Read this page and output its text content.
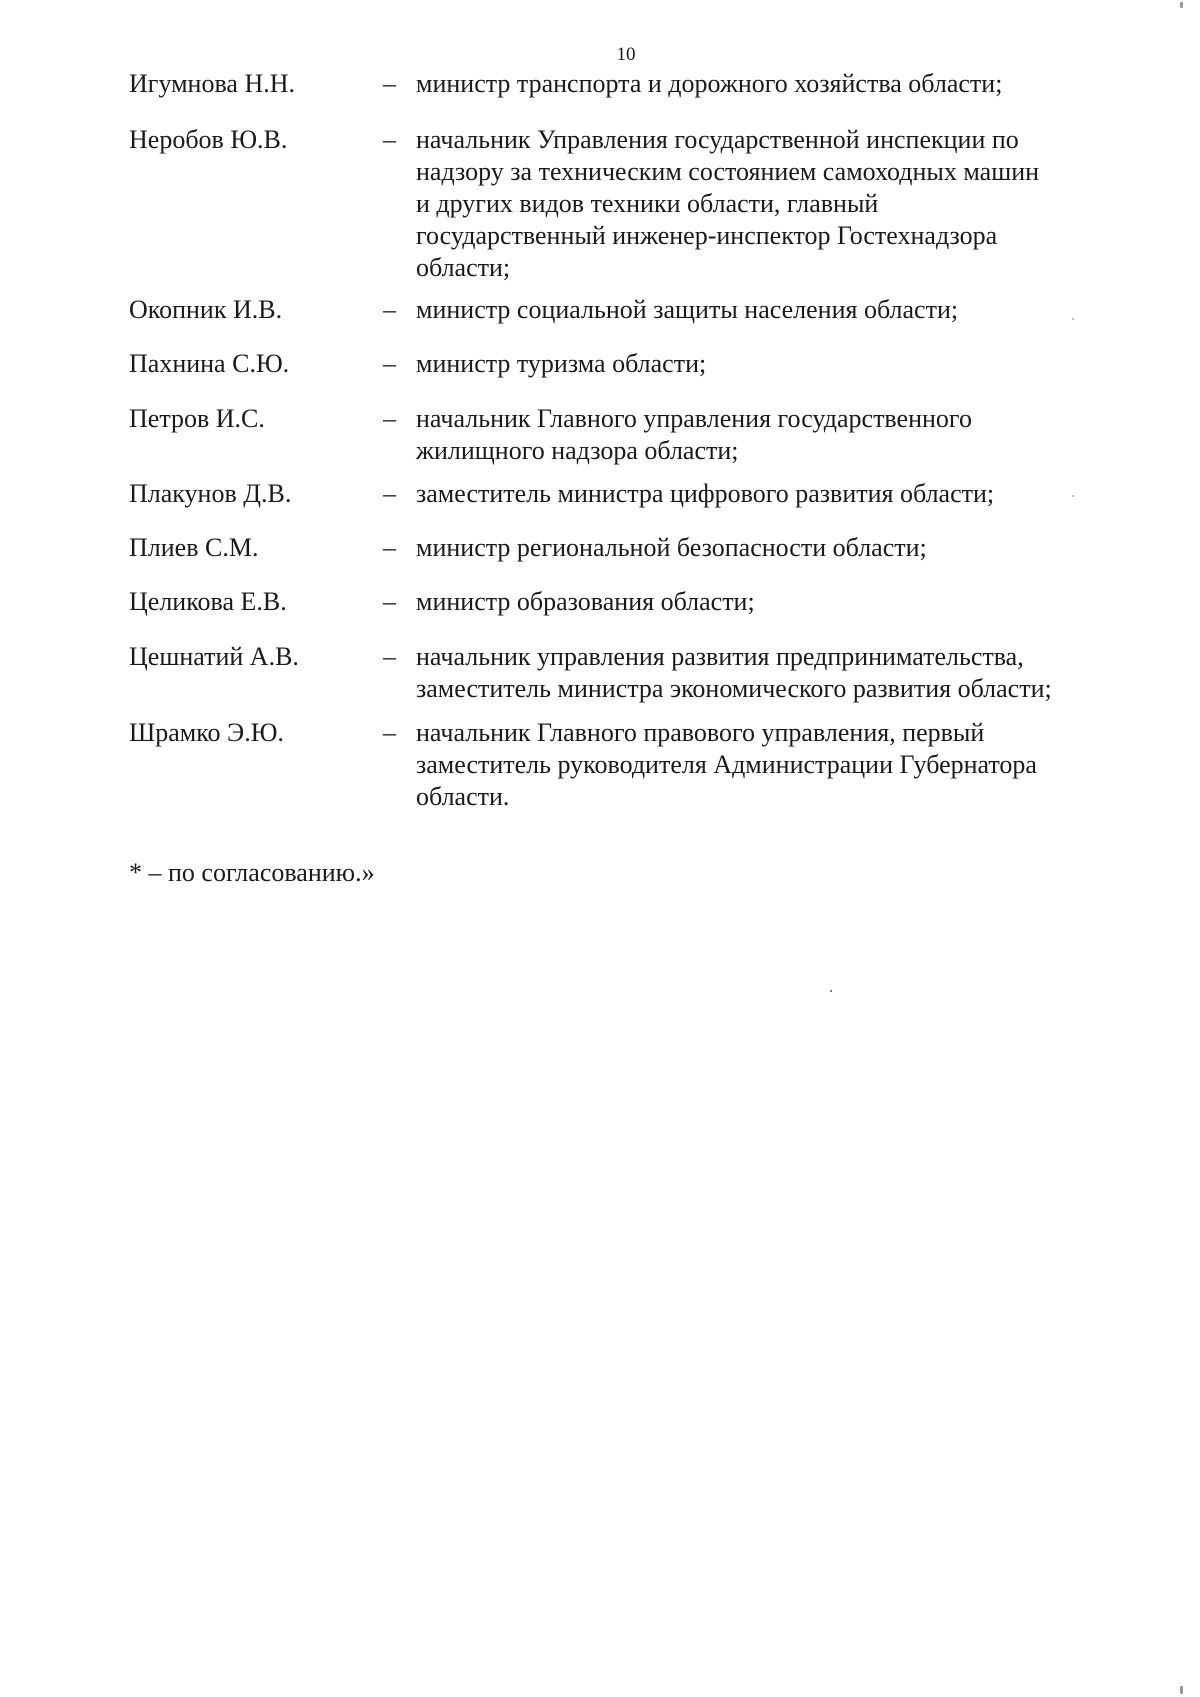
10
Игумнова Н.Н.	– министр транспорта и дорожного хозяйства области;
Неробов Ю.В.	– начальник Управления государственной инспекции по
надзору за техническим состоянием самоходных машин
и других видов техники области, главный
государственный инженер-инспектор Гостехнадзора
области;
Окопник И.В.	– министр социальной защиты населения области;
Пахнина С.Ю.	– министр туризма области;
Петров И.С.	– начальник Главного управления государственного
жилищного надзора области;
Плакунов Д.В.	– заместитель министра цифрового развития области;
Плиев С.М.	– министр региональной безопасности области;
Целикова Е.В.	– министр образования области;
Цешнатий А.В.	– начальник управления развития предпринимательства,
заместитель министра экономического развития области;
Шрамко Э.Ю.	– начальник Главного правового управления, первый
заместитель руководителя Администрации Губернатора
области.
* – по согласованию.»
